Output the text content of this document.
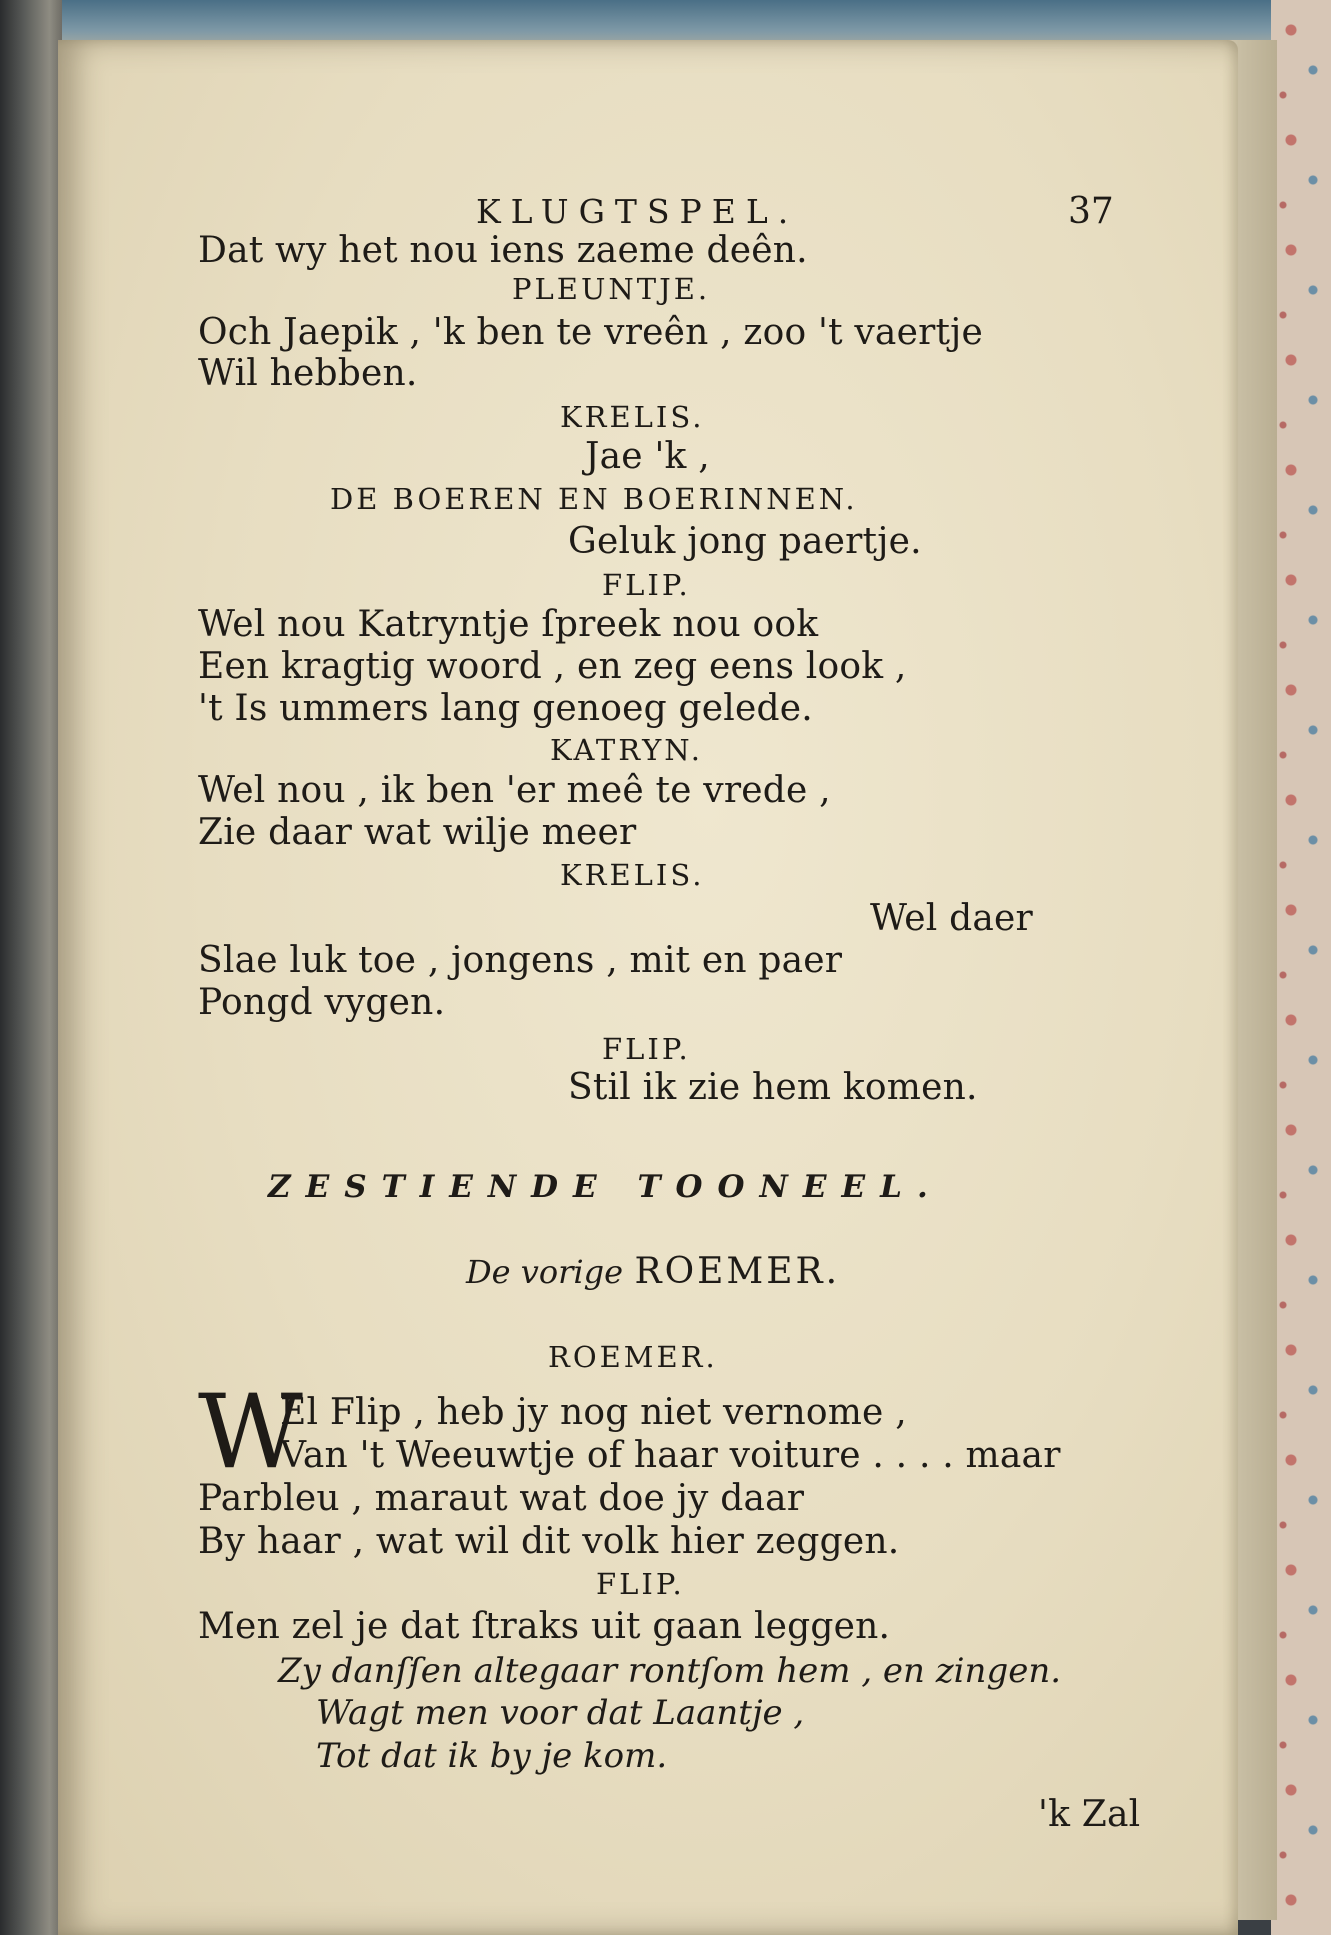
KLUGTSPEL.	37
Dat wy het nou iens zaeme deên.
PLEUNTJE.
Och Jaepik , 'k ben te vreên , zoo 't vaertje
Wil hebben.
KRELIS.
Jae 'k ,
DE BOEREN EN BOERINNEN.
Geluk jong paertje.
FLIP.
Wel nou Katryntje ſpreek nou ook
Een kragtig woord , en zeg eens look ,
't Is ummers lang genoeg gelede.
KATRYN.
Wel nou , ik ben 'er meê te vrede ,
Zie daar wat wilje meer
KRELIS.
Wel daer
Slae luk toe , jongens , mit en paer
Pongd vygen.
FLIP.
Stil ik zie hem komen.
ZESTIENDE TOONEEL.
De vorige ROEMER.
ROEMER.
W
El Flip , heb jy nog niet vernome ,
Van 't Weeuwtje of haar voiture . . . . maar
Parbleu , maraut wat doe jy daar
By haar , wat wil dit volk hier zeggen.
FLIP.
Men zel je dat ſtraks uit gaan leggen.
Zy danſſen altegaar rontſom hem , en zingen.
Wagt men voor dat Laantje ,
Tot dat ik by je kom.
'k Zal
